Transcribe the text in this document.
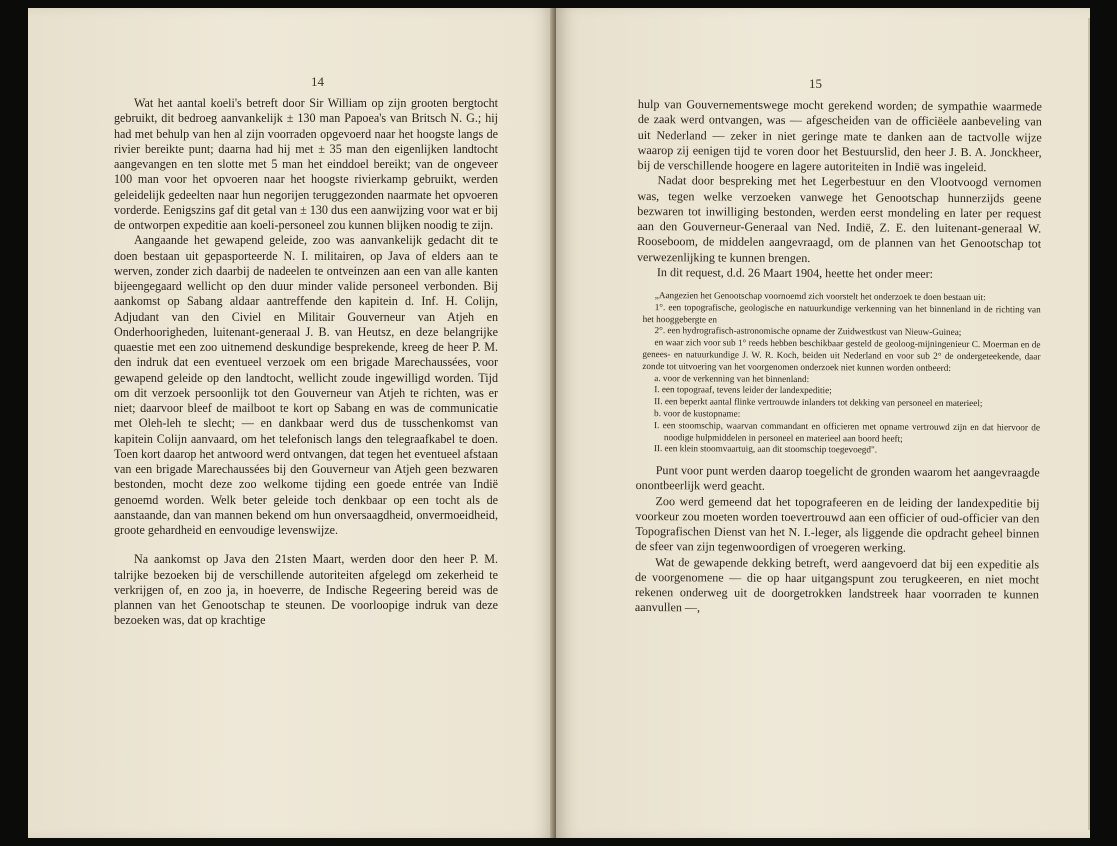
14

Wat het aantal koeli's betreft door Sir William op zijn grooten bergtocht gebruikt, dit bedroeg aanvankelijk ± 130 man Papoea's van Britsch N. G.; hij had met behulp van hen al zijn voorraden opgevoerd naar het hoogste langs de rivier bereikte punt; daarna had hij met ± 35 man den eigenlijken landtocht aangevangen en ten slotte met 5 man het einddoel bereikt; van de ongeveer 100 man voor het opvoeren naar het hoogste rivierkamp gebruikt, werden geleidelijk gedeelten naar hun negorijen teruggezonden naarmate het opvoeren vorderde. Eenigszins gaf dit getal van ± 130 dus een aanwijzing voor wat er bij de ontworpen expeditie aan koeli-personeel zou kunnen blijken noodig te zijn.

Aangaande het gewapend geleide, zoo was aanvankelijk gedacht dit te doen bestaan uit gepasporteerde N. I. militairen, op Java of elders aan te werven, zonder zich daarbij de nadeelen te ontveinzen aan een van alle kanten bijeengegaard wellicht op den duur minder valide personeel verbonden. Bij aankomst op Sabang aldaar aantreffende den kapitein d. Inf. H. Colijn, Adjudant van den Civiel en Militair Gouverneur van Atjeh en Onderhoorigheden, luitenant-generaal J. B. van Heutsz, en deze belangrijke quaestie met een zoo uitnemend deskundige besprekende, kreeg de heer P. M. den indruk dat een eventueel verzoek om een brigade Marechaussées, voor gewapend geleide op den landtocht, wellicht zoude ingewilligd worden. Tijd om dit verzoek persoonlijk tot den Gouverneur van Atjeh te richten, was er niet; daarvoor bleef de mailboot te kort op Sabang en was de communicatie met Oleh-leh te slecht; — en dankbaar werd dus de tusschenkomst van kapitein Colijn aanvaard, om het telefonisch langs den telegraafkabel te doen. Toen kort daarop het antwoord werd ontvangen, dat tegen het eventueel afstaan van een brigade Marechaussées bij den Gouverneur van Atjeh geen bezwaren bestonden, mocht deze zoo welkome tijding een goede entrée van Indië genoemd worden. Welk beter geleide toch denkbaar op een tocht als de aanstaande, dan van mannen bekend om hun onversaagdheid, onvermoeidheid, groote gehardheid en eenvoudige levenswijze.

Na aankomst op Java den 21sten Maart, werden door den heer P. M. talrijke bezoeken bij de verschillende autoriteiten afgelegd om zekerheid te verkrijgen of, en zoo ja, in hoeverre, de Indische Regeering bereid was de plannen van het Genootschap te steunen. De voorloopige indruk van deze bezoeken was, dat op krachtige

15

hulp van Gouvernementswege mocht gerekend worden; de sympathie waarmede de zaak werd ontvangen, was — afgescheiden van de officiëele aanbeveling van uit Nederland — zeker in niet geringe mate te danken aan de tactvolle wijze waarop zij eenigen tijd te voren door het Bestuurslid, den heer J. B. A. Jonckheer, bij de verschillende hoogere en lagere autoriteiten in Indië was ingeleid.

Nadat door bespreking met het Legerbestuur en den Vlootvoogd vernomen was, tegen welke verzoeken vanwege het Genootschap hunnerzijds geene bezwaren tot inwilliging bestonden, werden eerst mondeling en later per request aan den Gouverneur-Generaal van Ned. Indië, Z. E. den luitenant-generaal W. Rooseboom, de middelen aangevraagd, om de plannen van het Genootschap tot verwezenlijking te kunnen brengen.

In dit request, d.d. 26 Maart 1904, heette het onder meer:

„Aangezien het Genootschap voornoemd zich voorstelt het onderzoek te doen bestaan uit:
1°. een topografische, geologische en natuurkundige verkenning van het binnenland in de richting van het hooggebergte en
2°. een hydrografisch-astronomische opname der Zuidwestkust van Nieuw-Guinea;
en waar zich voor sub 1° reeds hebben beschikbaar gesteld de geoloog-mijningenieur C. Moerman en de genees- en natuurkundige J. W. R. Koch, beiden uit Nederland en voor sub 2° de ondergeteekende, daar zonde tot uitvoering van het voorgenomen onderzoek niet kunnen worden ontbeerd:
a. voor de verkenning van het binnenland:
I. een topograaf, tevens leider der landexpeditie;
II. een beperkt aantal flinke vertrouwde inlanders tot dekking van personeel en materieel;
b. voor de kustopname:
I. een stoomschip, waarvan commandant en officieren met opname vertrouwd zijn en dat hiervoor de noodige hulpmiddelen in personeel en materieel aan boord heeft;
II. een klein stoomvaartuig, aan dit stoomschip toegevoegd".

Punt voor punt werden daarop toegelicht de gronden waarom het aangevraagde onontbeerlijk werd geacht.

Zoo werd gemeend dat het topografeeren en de leiding der landexpeditie bij voorkeur zou moeten worden toevertrouwd aan een officier of oud-officier van den Topografischen Dienst van het N. I.-leger, als liggende die opdracht geheel binnen de sfeer van zijn tegenwoordigen of vroegeren werking.

Wat de gewapende dekking betreft, werd aangevoerd dat bij een expeditie als de voorgenomene — die op haar uitgangspunt zou terugkeeren, en niet mocht rekenen onderweg uit de doorgetrokken landstreek haar voorraden te kunnen aanvullen —,
